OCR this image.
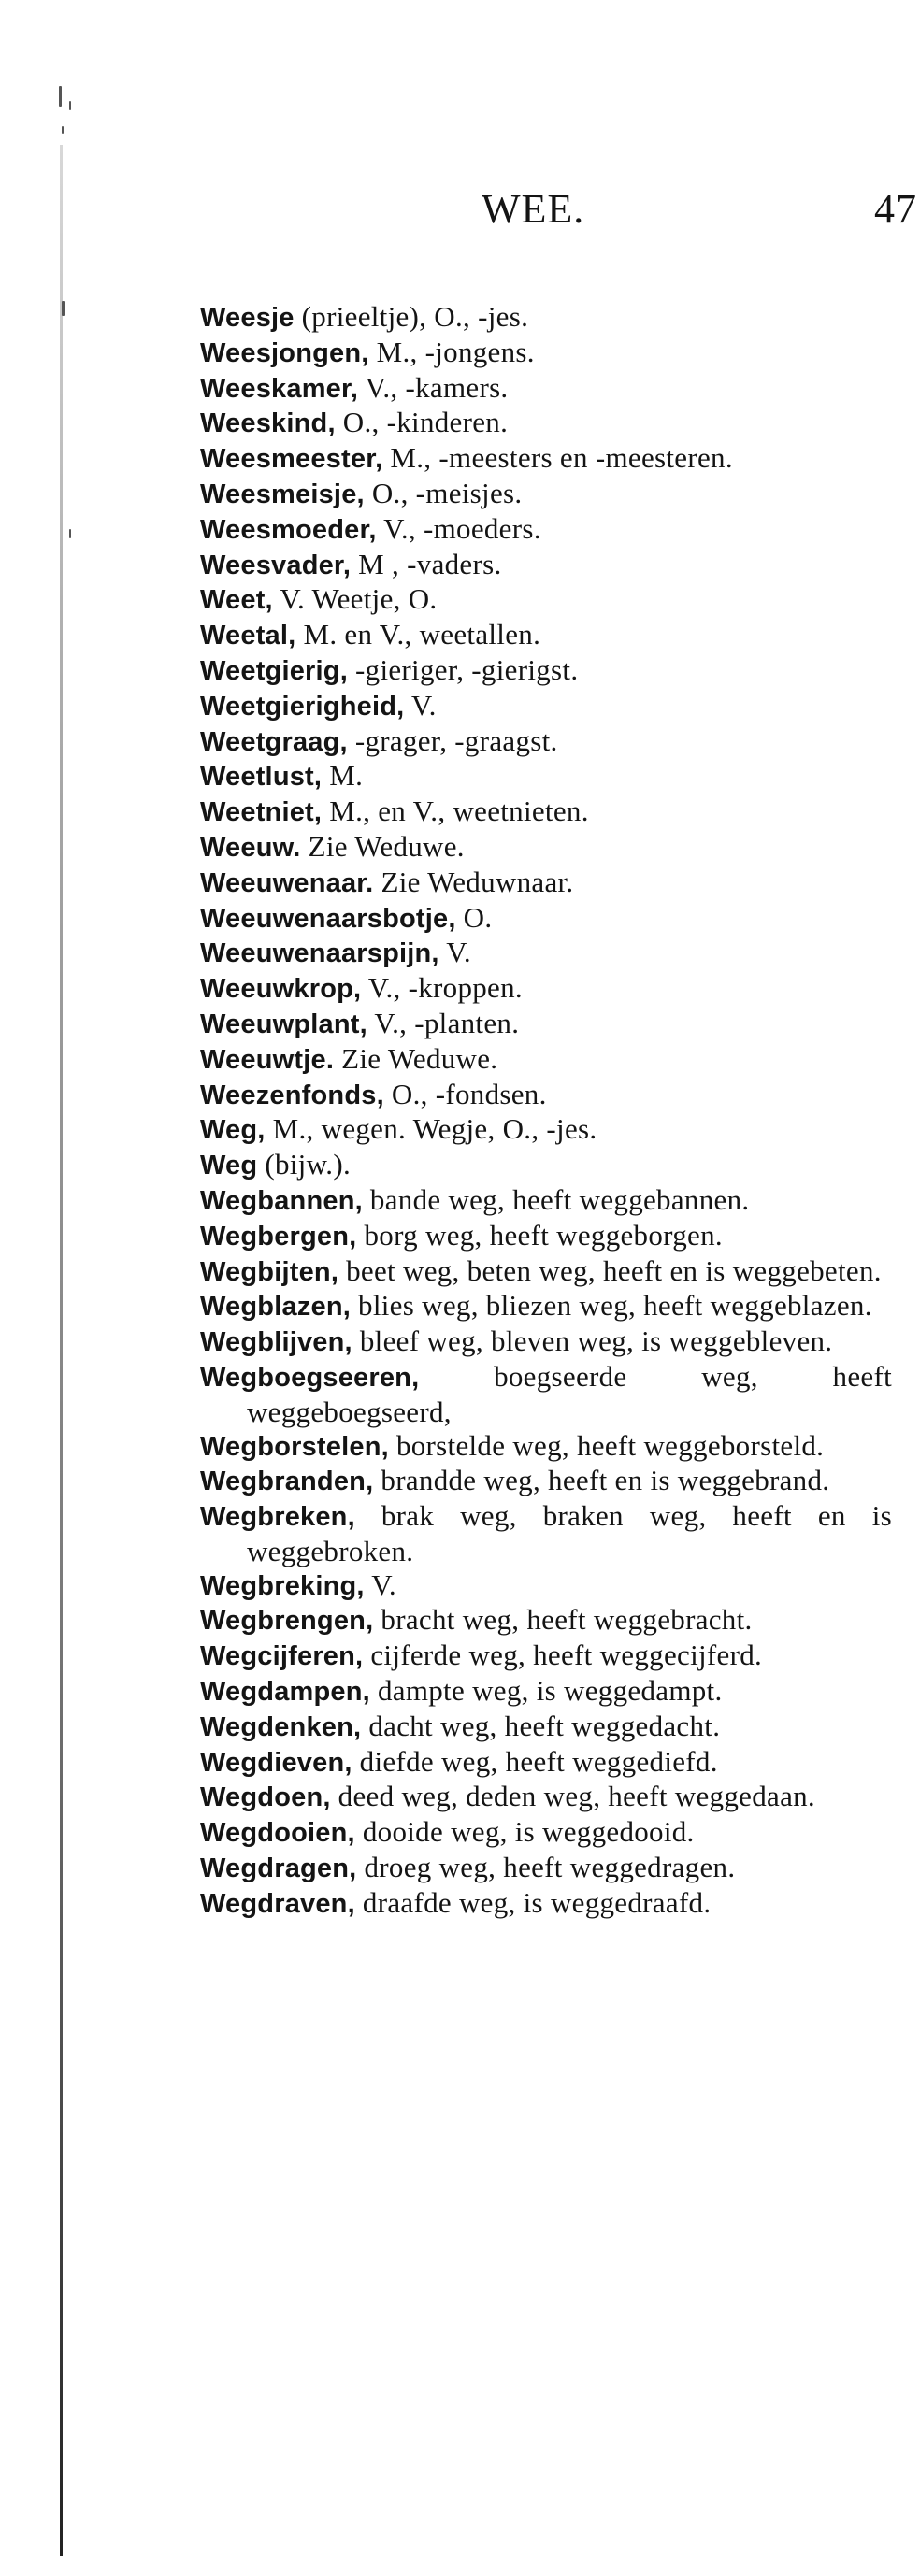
WEE.	47
Weesje (prieeltje), O., -jes.
Weesjongen, M., -jongens.
Weeskamer, V., -kamers.
Weeskind, O., -kinderen.
Weesmeester, M., -meesters en -meesteren.
Weesmeisje, O., -meisjes.
Weesmoeder, V., -moeders.
Weesvader, M , -vaders.
Weet, V. Weetje, O.
Weetal, M. en V., weetallen.
Weetgierig, -gieriger, -gierigst.
Weetgierigheid, V.
Weetgraag, -grager, -graagst.
Weetlust, M.
Weetniet, M., en V., weetnieten.
Weeuw. Zie Weduwe.
Weeuwenaar. Zie Weduwnaar.
Weeuwenaarsbotje, O.
Weeuwenaarspijn, V.
Weeuwkrop, V., -kroppen.
Weeuwplant, V., -planten.
Weeuwtje. Zie Weduwe.
Weezenfonds, O., -fondsen.
Weg, M., wegen. Wegje, O., -jes.
Weg (bijw.).
Wegbannen, bande weg, heeft weggebannen.
Wegbergen, borg weg, heeft weggeborgen.
Wegbijten, beet weg, beten weg, heeft en is weggebeten.
Wegblazen, blies weg, bliezen weg, heeft weggeblazen.
Wegblijven, bleef weg, bleven weg, is weggebleven.
Wegboegseeren, boegseerde weg, heeft weggeboegseerd,
Wegborstelen, borstelde weg, heeft weggeborsteld.
Wegbranden, brandde weg, heeft en is weggebrand.
Wegbreken, brak weg, braken weg, heeft en is weggebroken.
Wegbreking, V.
Wegbrengen, bracht weg, heeft weggebracht.
Wegcijferen, cijferde weg, heeft weggecijferd.
Wegdampen, dampte weg, is weggedampt.
Wegdenken, dacht weg, heeft weggedacht.
Wegdieven, diefde weg, heeft weggediefd.
Wegdoen, deed weg, deden weg, heeft weggedaan.
Wegdooien, dooide weg, is weggedooid.
Wegdragen, droeg weg, heeft weggedragen.
Wegdraven, draafde weg, is weggedraafd.
